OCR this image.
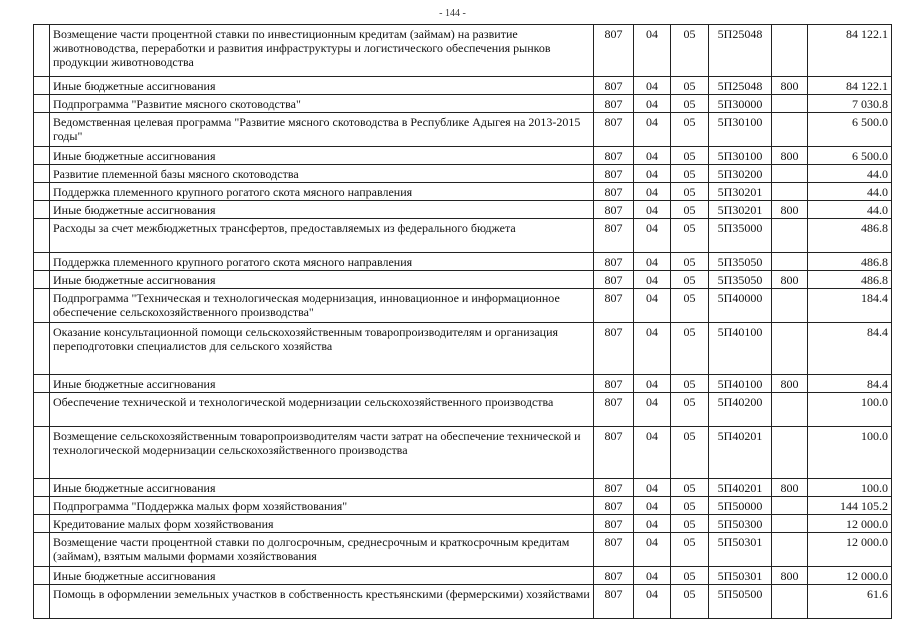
- 144 -
	Возмещение части процентной ставки по инвестиционным кредитам (займам) на развитие животноводства, переработки и развития инфраструктуры и логистического обеспечения рынков продукции животноводства	807	04	05	5П25048		84 122.1
	Иные бюджетные ассигнования	807	04	05	5П25048	800	84 122.1
	Подпрограмма "Развитие мясного скотоводства"	807	04	05	5П30000		7 030.8
	Ведомственная целевая программа "Развитие мясного скотоводства в Республике Адыгея на 2013-2015 годы"	807	04	05	5П30100		6 500.0
	Иные бюджетные ассигнования	807	04	05	5П30100	800	6 500.0
	Развитие племенной базы мясного скотоводства	807	04	05	5П30200		44.0
	Поддержка племенного крупного рогатого скота мясного направления	807	04	05	5П30201		44.0
	Иные бюджетные ассигнования	807	04	05	5П30201	800	44.0
	Расходы за счет межбюджетных трансфертов, предоставляемых из федерального бюджета	807	04	05	5П35000		486.8
	Поддержка племенного крупного рогатого скота мясного направления	807	04	05	5П35050		486.8
	Иные бюджетные ассигнования	807	04	05	5П35050	800	486.8
	Подпрограмма "Техническая и технологическая модернизация, инновационное и информационное обеспечение сельскохозяйственного производства"	807	04	05	5П40000		184.4
	Оказание консультационной помощи сельскохозяйственным товаропроизводителям и организация переподготовки специалистов для сельского хозяйства	807	04	05	5П40100		84.4
	Иные бюджетные ассигнования	807	04	05	5П40100	800	84.4
	Обеспечение технической и технологической модернизации сельскохозяйственного производства	807	04	05	5П40200		100.0
	Возмещение сельскохозяйственным товаропроизводителям части затрат на обеспечение технической и технологической модернизации сельскохозяйственного производства	807	04	05	5П40201		100.0
	Иные бюджетные ассигнования	807	04	05	5П40201	800	100.0
	Подпрограмма "Поддержка малых форм хозяйствования"	807	04	05	5П50000		144 105.2
	Кредитование малых форм хозяйствования	807	04	05	5П50300		12 000.0
	Возмещение части процентной ставки по долгосрочным, среднесрочным и краткосрочным кредитам (займам), взятым малыми формами хозяйствования	807	04	05	5П50301		12 000.0
	Иные бюджетные ассигнования	807	04	05	5П50301	800	12 000.0
	Помощь в оформлении земельных участков в собственность крестьянскими (фермерскими) хозяйствами	807	04	05	5П50500		61.6
